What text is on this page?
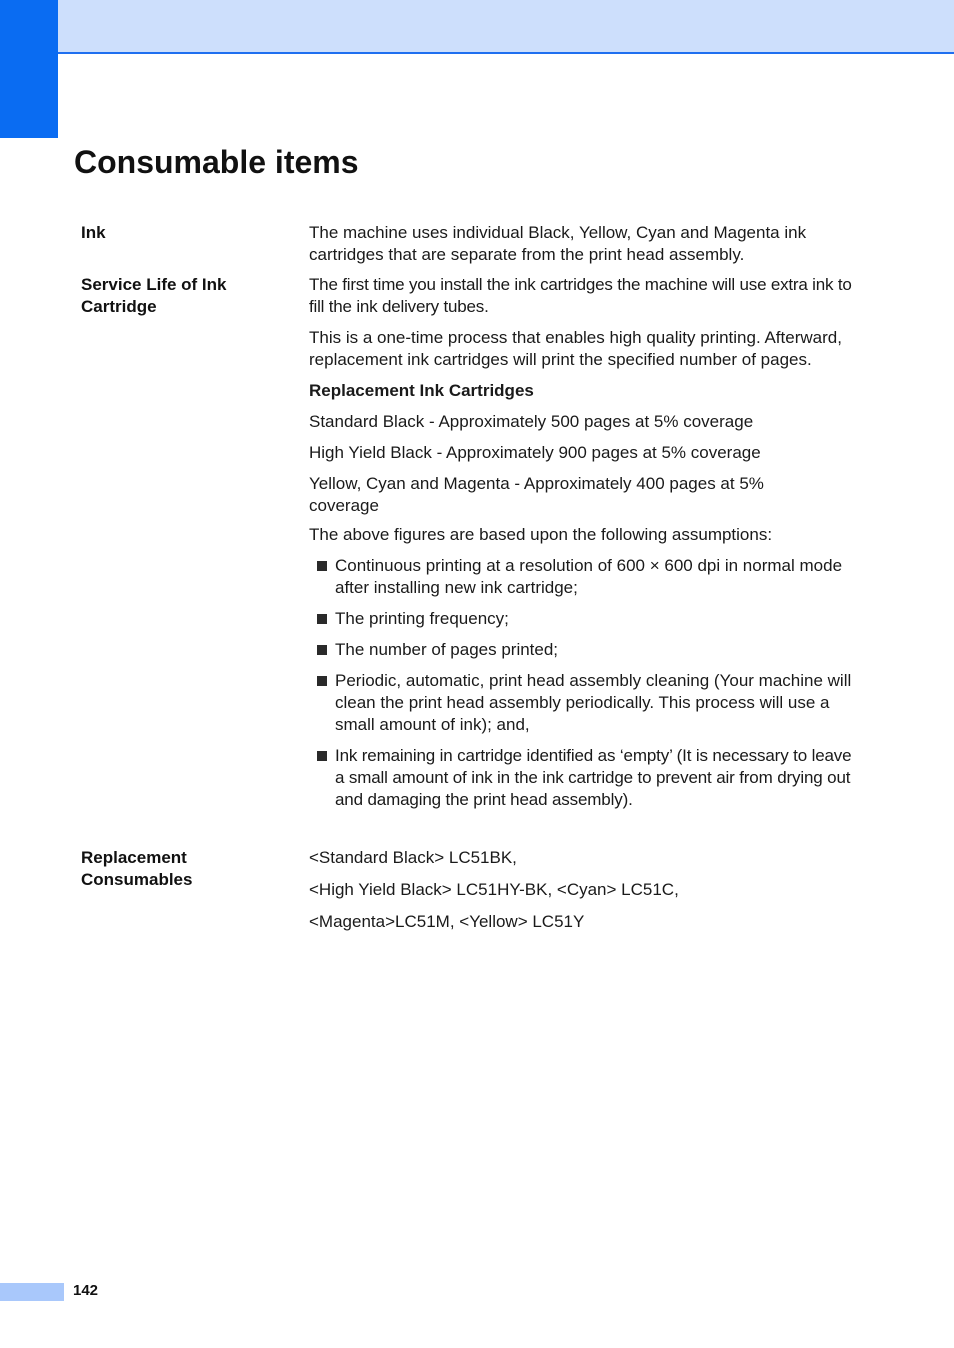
Consumable items
Ink	The machine uses individual Black, Yellow, Cyan and Magenta ink cartridges that are separate from the print head assembly.

Service Life of Ink Cartridge

The first time you install the ink cartridges the machine will use extra ink to fill the ink delivery tubes.

This is a one-time process that enables high quality printing. Afterward, replacement ink cartridges will print the specified number of pages.

Replacement Ink Cartridges

Standard Black - Approximately 500 pages at 5% coverage

High Yield Black - Approximately 900 pages at 5% coverage

Yellow, Cyan and Magenta - Approximately 400 pages at 5% coverage

The above figures are based upon the following assumptions:

Continuous printing at a resolution of 600 × 600 dpi in normal mode after installing new ink cartridge;
The printing frequency;
The number of pages printed;
Periodic, automatic, print head assembly cleaning (Your machine will clean the print head assembly periodically. This process will use a small amount of ink); and,
Ink remaining in cartridge identified as ‘empty’ (It is necessary to leave a small amount of ink in the ink cartridge to prevent air from drying out and damaging the print head assembly).
Replacement Consumables

<Standard Black> LC51BK,

<High Yield Black> LC51HY-BK, <Cyan> LC51C,

<Magenta>LC51M, <Yellow> LC51Y

142
